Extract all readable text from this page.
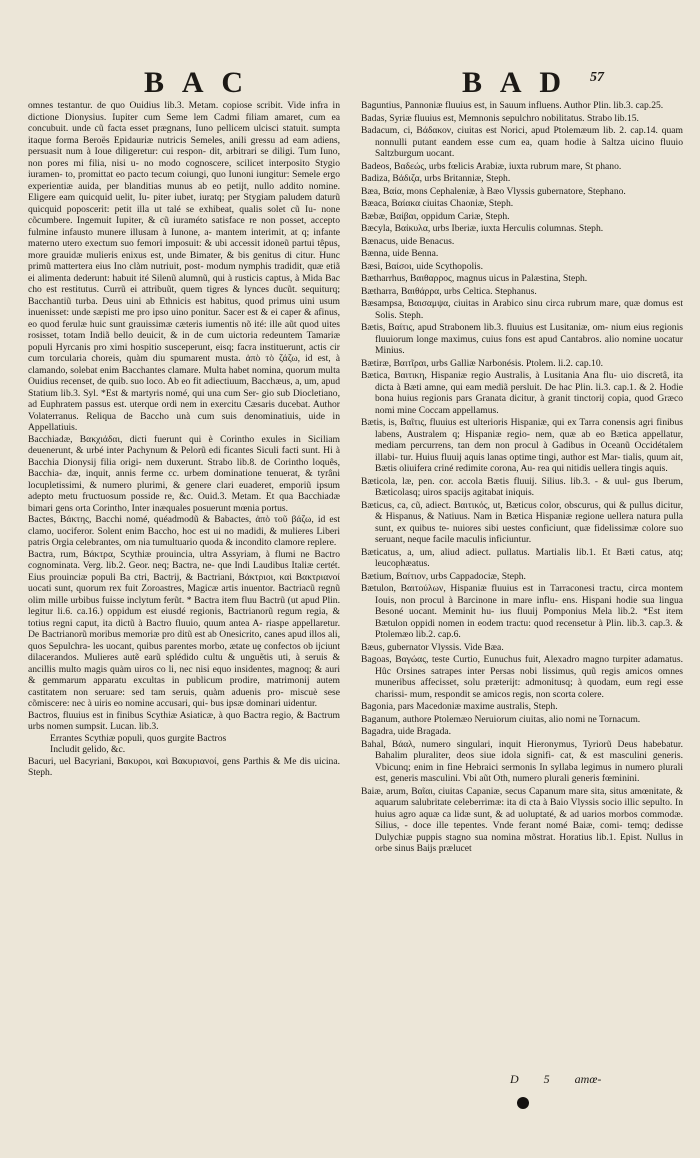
B A C	B A D 57

omnes testantur. de quo Ouidius lib.3. Metam. copiose scribit. Vide infra in dictione Dionysius. Iupiter cum Seme lem Cadmi filiam amaret, cum ea concubuit. unde cũ facta esset prægnans, Iuno pellicem ulcisci statuit. sumpta itaque forma Beroës Epidauriæ nutricis Semeles, anili gressu ad eam adiens, persuasit num à Ioue diligeretur: cui respon- dit, arbitrari se diligi. Tum Iuno, non pores mi filia, nisi u- no modo cognoscere, scilicet interposito Stygio iuramen- to, promittat eo pacto tecum coiungi, quo Iunoni iungitur: Semele ergo experientiæ auida, per blanditias munus ab eo petijt, nullo addito nomine. Eligere eam quicquid uelit, Iu- piter iubet, iuratq; per Stygiam paludem daturũ quicquid poposcerit: petit illa ut talé se exhibeat, qualis solet cũ Iu- none cõcumbere. Ingemuit Iupiter, & cũ iuraméto satisface re non posset, accepto fulmine infausto munere illusam à Iunone, a- mantem interimit, at q; infante materno utero exectum suo femori imposuit: & ubi accessit idoneũ partui têpus, more grauidæ mulieris enixus est, unde Bimater, & bis genitus di citur. Hunc primũ mattertera eius Ino clàm nutriuit, post- modum nymphis tradidit, quæ etiã ei alimenta dederunt: habuit ité Silenũ alumnũ, qui à rusticis captus, à Mida Bac cho est restitutus. Currũ ei attribuũt, quem tigres & lynces ducũt. sequiturq; Bacchantiũ turba. Deus uini ab Ethnicis est habitus, quod primus uini usum inuenisset: unde sæpisti me pro ipso uino ponitur. Sacer est & ei caper & afinus, eo quod ferulæ huic sunt grauissimæ cæteris iumentis nõ ité: ille aũt quod uites rosisset, totam Indiã bello deuicit, & in de cum uictoria redeuntem Tamariæ populi Hyrcanis pro ximi hospitio susceperunt, eisq; facra instituerunt, actis cir cum torcularia choreis, quàm diu spumarent musta. ἀπὸ τὸ ζάζω, id est, à clamando, solebat enim Bacchantes clamare. Multa habet nomina, quorum multa Ouidius recenset, de quib. suo loco. Ab eo fit adiectiuum, Bacchæus, a, um, apud Statium lib.3. Syl. *Est & martyris nomé, qui una cum Ser- gio sub Diocletiano, ad Euphratem passus est. uterque ordi nem in exercitu Cæsaris ducebat. Author Volaterranus. Reliqua de Baccho unà cum suis denominatiuis, uide in Appellatiuis.

Bacchiadæ, Βακχιάδαι, dicti fuerunt qui è Corintho exules in Siciliam deuenerunt, & urbé inter Pachynum & Pelorũ edi ficantes Siculi facti sunt. Hi à Bacchia Dionysij filia origi- nem duxerunt. Strabo lib.8. de Corintho loquês, Bacchia- dæ, inquit, annis ferme cc. urbem dominatione tenuerat, & tyrâni locupletissimi, & numero plurimi, & genere clari euaderet, emporiũ ipsum adepto metu fructuosum posside re, &c. Ouid.3. Metam. Et qua Bacchiadæ bimari gens orta Corintho, Inter inæquales posuerunt mœnia portus.

Bactes, Βάκτης, Bacchi nomé, quéadmodũ & Babactes, ἀπὸ τοῦ βάζω, id est clamo, uociferor. Solent enim Baccho, hoc est ui no madidi, & mulieres Liberi patris Orgia celebrantes, om nia tumultuario quoda & incondito clamore replere.

Bactra, rum, Βάκτρα, Scythiæ prouincia, ultra Assyriam, à flumi ne Bactro cognominata. Verg. lib.2. Geor. neq; Bactra, ne- que Indi Laudibus Italiæ certét. Eius prouinciæ populi Ba ctri, Bactrij, & Bactriani, Βάκτριοι, καὶ Βακτριανοί uocati sunt, quorum rex fuit Zoroastres, Magicæ artis inuentor. Bactriacũ regnũ olim mille urbibus fuisse inclytum ferũt. * Bactra item fluu Bactrũ (ut apud Plin. legitur li.6. ca.16.) oppidum est eiusdé regionis, Bactrianorũ regum regia, & totius regni caput, ita dictũ à Bactro fluuio, quum antea A- riaspe appellaretur. De Bactrianorũ moribus memoriæ pro ditũ est ab Onesicrito, canes apud illos ali, quos Sepulchra- les uocant, quibus parentes morbo, ætate uę confectos ob ijciunt dilacerandos. Mulieres autẽ earũ splédido cultu & unguẽtis uti, à seruis & ancillis multo magis quàm uiros co li, nec nisi equo insidentes, magnoq; & auri & gemmarum apparatu excultas in publicum prodire, matrimonij autem castitatem non seruare: sed tam seruis, quàm aduenis pro- miscuè sese cõmiscere: nec à uiris eo nomine accusari, qui- bus ipsæ dominari uidentur.

Bactros, fluuius est in finibus Scythiæ Asiaticæ, à quo Bactra regio, & Bactrum urbs nomen sumpsit. Lucan. lib.3.

Errantes Scythiæ populi, quos gurgite Bactros

Includit gelido, &c.

Bacuri, uel Bacyriani, Βακυροι, καὶ Βακυριανοί, gens Parthis & Me dis uicina. Steph.

Baguntius, Pannoniæ fluuius est, in Sauum influens. Author Plin. lib.3. cap.25.

Badas, Syriæ fluuius est, Memnonis sepulchro nobilitatus. Strabo lib.15.

Badacum, ci, Βάδακον, ciuitas est Norici, apud Ptolemæum lib. 2. cap.14. quam nonnulli putant eandem esse cum ea, quam hodie à Saltza uicino fluuio Saltzburgum uocant.

Badeos, Βαδεώς, urbs fœlicis Arabiæ, iuxta rubrum mare, St phano.

Badiza, Βάδιζα, urbs Britanniæ, Steph.

Bæa, Βαία, mons Cephaleniæ, à Bæo Vlyssis gubernatore, Stephano.

Bæaca, Βαίακα ciuitas Chaoniæ, Steph.

Bæbæ, Βαίβαι, oppidum Cariæ, Steph.

Bæcyla, Βαίκυλα, urbs Iberiæ, iuxta Herculis columnas. Steph.

Bænacus, uide Benacus.

Bænna, uide Benna.

Bæsi, Βαίσοι, uide Scythopolis.

Bætharrhus, Βαιθαρρος, magnus uicus in Palæstina, Steph.

Bætharra, Βαιθάρρα, urbs Celtica. Stephanus.

Bæsampsa, Βαισαμψα, ciuitas in Arabico sinu circa rubrum mare, quæ domus est Solis. Steph.

Bætis, Βαίτις, apud Strabonem lib.3. fluuius est Lusitaniæ, om- nium eius regionis fluuiorum longe maximus, cuius fons est apud Cantabros. alio nomine uocatur Minius.

Bætiræ, Βαιτῖραι, urbs Galliæ Narbonésis. Ptolem. li.2. cap.10.

Bætica, Βαιτικη, Hispaniæ regio Australis, à Lusitania Ana flu- uio discretâ, ita dicta à Bæti amne, qui eam mediã persluit. De hac Plin. li.3. cap.1. & 2. Hodie bona huius regionis pars Granata dicitur, à granit tinctorij copia, quod Græco nomi mine Coccam appellamus.

Bætis, is, Βαῖτις, fluuius est ulterioris Hispaniæ, qui ex Tarra conensis agri finibus labens, Australem q; Hispaniæ regio- nem, quæ ab eo Bætica appellatur, mediam percurrens, tan dem non procul à Gadibus in Oceanũ Occidétalem illabi- tur. Huius fluuij aquis lanas optime tingi, author est Mar- tialis, quum ait, Bætis oliuifera criné redimite corona, Au- rea qui nitidis uellera tingis aquis.

Bæticola, læ, pen. cor. accola Bætis fluuij. Silius. lib.3. - & uul- gus Iberum, Bæticolasq; uiros spacijs agitabat iniquis.

Bæticus, ca, cũ, adiect. Βαιτικός, ut, Bæticus color, obscurus, qui & pullus dicitur, & Hispanus, & Natiuus. Nam in Bætica Hispaniæ regione uellera natura pulla sunt, ex quibus te- nuiores sibi uestes conficiunt, quæ fidelissimæ colore suo seruant, neque facile maculis inficiuntur.

Bæticatus, a, um, aliud adiect. pullatus. Martialis lib.1. Et Bæti catus, atq; leucophæatus.

Bætium, Βαίτιον, urbs Cappadociæ, Steph.

Bætulon, Βαιτούλων, Hispaniæ fluuius est in Tarraconesi tractu, circa montem Iouis, non procul à Barcinone in mare influ- ens. Hispani hodie sua lingua Besoné uocant. Meminit hu- ius fluuij Pomponius Mela lib.2. *Est item Bætulon oppidi nomen in eodem tractu: quod recensetur à Plin. lib.3. cap.3. & Ptolemæo lib.2. cap.6.

Bæus, gubernator Vlyssis. Vide Bæa.

Bagoas, Βαγώας, teste Curtio, Eunuchus fuit, Alexadro magno turpiter adamatus. Hûc Orsines satrapes inter Persas nobi lissimus, quũ regis amicos omnes muneribus affecisset, solu præterijt: admonitusq; à quodam, eum regi esse charissi- mum, respondit se amicos regis, non scorta colere.

Bagonia, pars Macedoniæ maxime australis, Steph.

Baganum, authore Ptolemæo Neruiorum ciuitas, alio nomi ne Tornacum.

Bagadra, uide Bragada.

Bahal, Βάαλ, numero singulari, inquit Hieronymus, Tyriorũ Deus habebatur. Bahalim pluraliter, deos siue idola signifi- cat, & est masculini generis. Vbicunq; enim in fine Hebraici sermonis In syllaba legimus in numero plurali est, generis masculini. Vbi aũt Oth, numero plurali generis fœminini.

Baiæ, arum, Βαῖαι, ciuitas Capaniæ, secus Capanum mare sita, situs amœnitate, & aquarum salubritate celeberrimæ: ita di cta à Baio Vlyssis socio illic sepulto. In huius agro aquæ ca lidæ sunt, & ad uoluptaté, & ad uarios morbos commodæ. Silius, - doce ille tepentes. Vnde ferant nomé Baiæ, comi- temq; dedisse Dulychiæ puppis stagno sua nomina mõstrat. Horatius lib.1. Epist. Nullus in orbe sinus Baijs prælucet

D 5 amœ-
